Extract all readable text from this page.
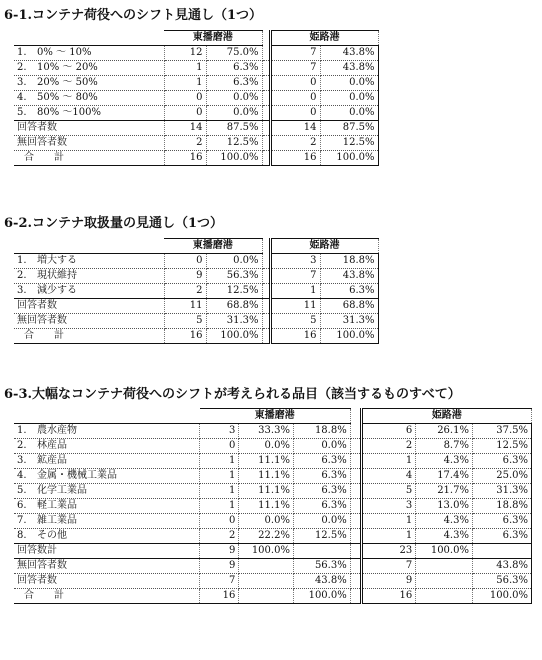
6-1.コンテナ荷役へのシフト見通し（1つ）
	東播磨港			姫路港	
1. 0% ～ 10%	12	75.0%		7	43.8%
2. 10% ～ 20%	1	6.3%		7	43.8%
3. 20% ～ 50%	1	6.3%		0	0.0%
4. 50% ～ 80%	0	0.0%		0	0.0%
5. 80% ～100%	0	0.0%		0	0.0%
回答者数	14	87.5%		14	87.5%
無回答者数	2	12.5%		2	12.5%
合　　計	16	100.0%		16	100.0%
6-2.コンテナ取扱量の見通し（1つ）
	東播磨港			姫路港	
1. 増大する	0	0.0%		3	18.8%
2. 現状維持	9	56.3%		7	43.8%
3. 減少する	2	12.5%		1	6.3%
回答者数	11	68.8%		11	68.8%
無回答者数	5	31.3%		5	31.3%
合　　計	16	100.0%		16	100.0%
6-3.大幅なコンテナ荷役へのシフトが考えられる品目（該当するものすべて）
	東播磨港				姫路港		
1. 農水産物	3	33.3%	18.8%		6	26.1%	37.5%
2. 林産品	0	0.0%	0.0%		2	8.7%	12.5%
3. 鉱産品	1	11.1%	6.3%		1	4.3%	6.3%
4. 金属・機械工業品	1	11.1%	6.3%		4	17.4%	25.0%
5. 化学工業品	1	11.1%	6.3%		5	21.7%	31.3%
6. 軽工業品	1	11.1%	6.3%		3	13.0%	18.8%
7. 雑工業品	0	0.0%	0.0%		1	4.3%	6.3%
8. その他	2	22.2%	12.5%		1	4.3%	6.3%
回答数計	9	100.0%			23	100.0%	
無回答者数	9		56.3%		7		43.8%
回答者数	7		43.8%		9		56.3%
合　　計	16		100.0%		16		100.0%
